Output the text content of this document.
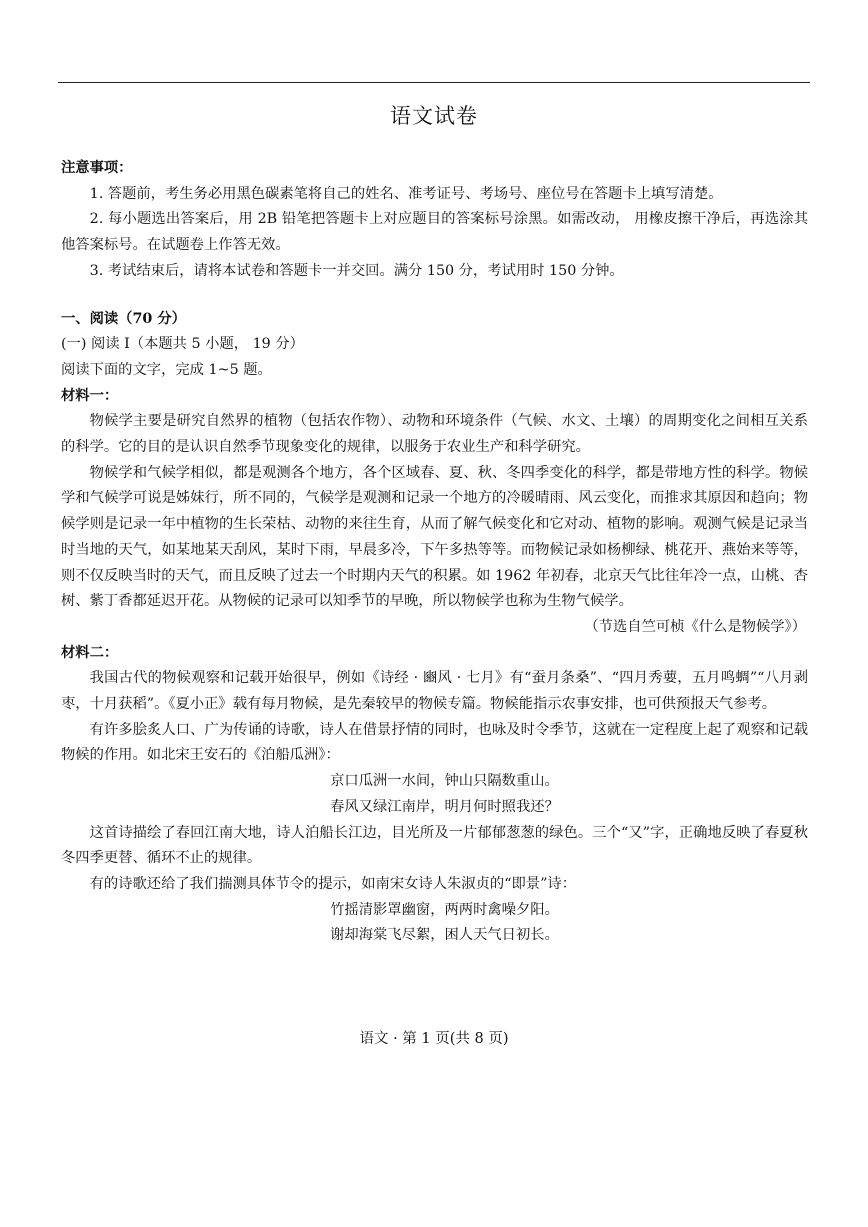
语文试卷

注意事项：

1. 答题前，考生务必用黑色碳素笔将自己的姓名、准考证号、考场号、座位号在答题卡上填写清楚。

2. 每小题选出答案后，用 2B 铅笔把答题卡上对应题目的答案标号涂黑。如需改动， 用橡皮擦干净后，再选涂其他答案标号。在试题卷上作答无效。

3. 考试结束后，请将本试卷和答题卡一并交回。满分 150 分，考试用时 150 分钟。

一、阅读（70 分）

(一) 阅读 Ⅰ（本题共 5 小题， 19 分）

阅读下面的文字，完成 1~5 题。

材料一：

物候学主要是研究自然界的植物（包括农作物）、动物和环境条件（气候、水文、土壤）的周期变化之间相互关系的科学。它的目的是认识自然季节现象变化的规律，以服务于农业生产和科学研究。

物候学和气候学相似，都是观测各个地方，各个区域春、夏、秋、冬四季变化的科学，都是带地方性的科学。物候学和气候学可说是姊妹行，所不同的，气候学是观测和记录一个地方的冷暖晴雨、风云变化，而推求其原因和趋向；物候学则是记录一年中植物的生长荣枯、动物的来往生育，从而了解气候变化和它对动、植物的影响。观测气候是记录当时当地的天气，如某地某天刮风，某时下雨，早晨多冷，下午多热等等。而物候记录如杨柳绿、桃花开、燕始来等等，则不仅反映当时的天气，而且反映了过去一个时期内天气的积累。如 1962 年初春，北京天气比往年冷一点，山桃、杏树、紫丁香都延迟开花。从物候的记录可以知季节的早晚，所以物候学也称为生物气候学。

（节选自竺可桢《什么是物候学》）

材料二：

我国古代的物候观察和记载开始很早，例如《诗经 · 豳风 · 七月》有“蚕月条桑”、“四月秀葽，五月鸣蜩”“八月剥枣，十月获稻”。《夏小正》载有每月物候，是先秦较早的物候专篇。物候能指示农事安排，也可供预报天气参考。

有许多脍炙人口、广为传诵的诗歌，诗人在借景抒情的同时，也咏及时令季节，这就在一定程度上起了观察和记载物候的作用。如北宋王安石的《泊船瓜洲》：

京口瓜洲一水间，钟山只隔数重山。

春风又绿江南岸，明月何时照我还？

这首诗描绘了春回江南大地，诗人泊船长江边，目光所及一片郁郁葱葱的绿色。三个“又”字，正确地反映了春夏秋冬四季更替、循环不止的规律。

有的诗歌还给了我们揣测具体节令的提示，如南宋女诗人朱淑贞的“即景”诗：

竹摇清影罩幽窗，两两时禽噪夕阳。

谢却海棠飞尽絮，困人天气日初长。

语文 · 第 1 页(共 8 页)
